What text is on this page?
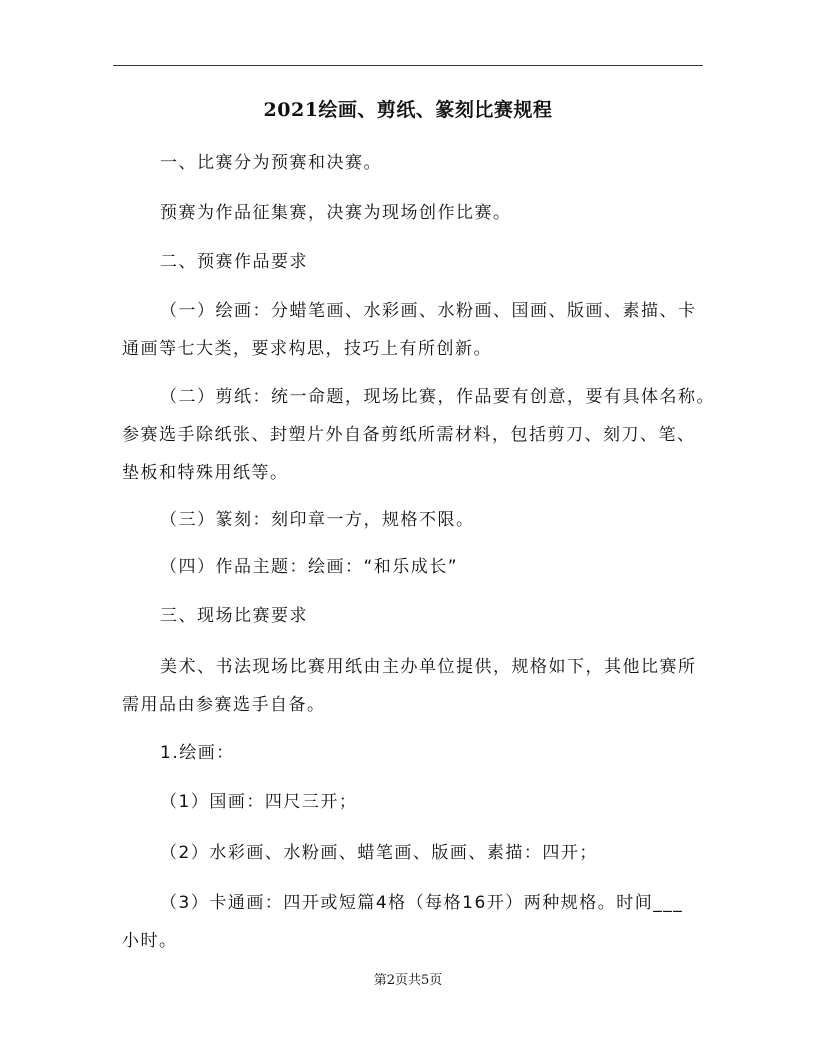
2021绘画、剪纸、篆刻比赛规程
一、比赛分为预赛和决赛。
预赛为作品征集赛，决赛为现场创作比赛。
二、预赛作品要求
（一）绘画：分蜡笔画、水彩画、水粉画、国画、版画、素描、卡
通画等七大类，要求构思，技巧上有所创新。
（二）剪纸：统一命题，现场比赛，作品要有创意，要有具体名称。
参赛选手除纸张、封塑片外自备剪纸所需材料，包括剪刀、刻刀、笔、
垫板和特殊用纸等。
（三）篆刻：刻印章一方，规格不限。
（四）作品主题：绘画：“和乐成长”
三、现场比赛要求
美术、书法现场比赛用纸由主办单位提供，规格如下，其他比赛所
需用品由参赛选手自备。
1.绘画：
（1）国画：四尺三开；
（2）水彩画、水粉画、蜡笔画、版画、素描：四开；
（3）卡通画：四开或短篇4格（每格16开）两种规格。时间___
小时。
第2页共5页
